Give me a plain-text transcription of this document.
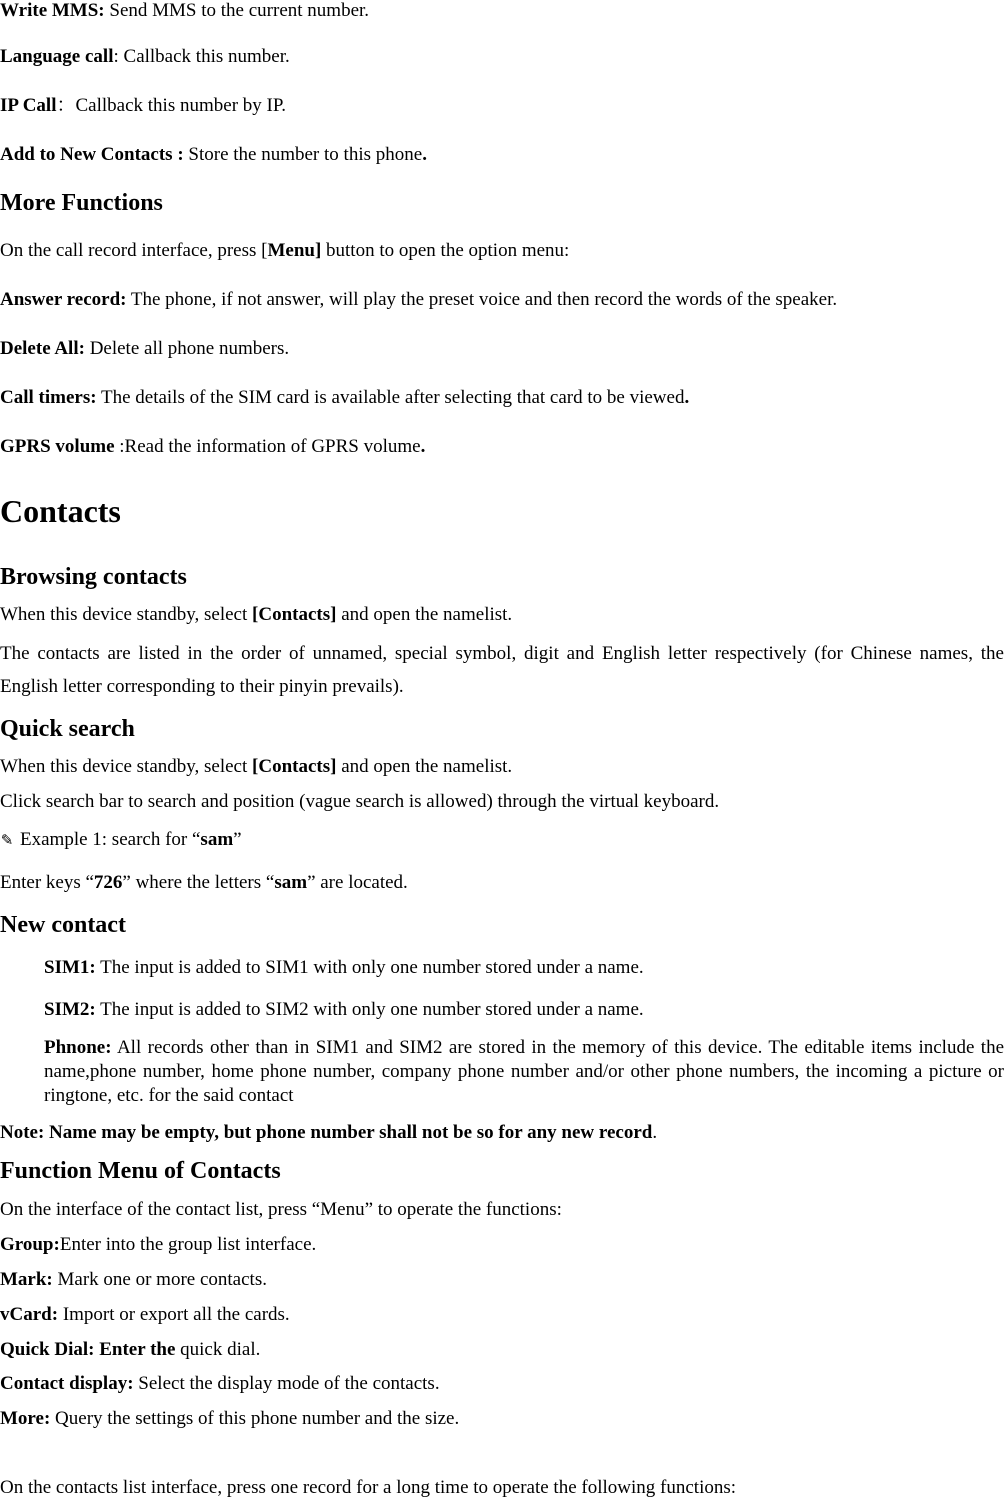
Write MMS: Send MMS to the current number.
Language call: Callback this number.
IP Call：Callback this number by IP.
Add to New Contacts : Store the number to this phone.
More Functions
On the call record interface, press [Menu] button to open the option menu:
Answer record: The phone, if not answer, will play the preset voice and then record the words of the speaker.
Delete All: Delete all phone numbers.
Call timers: The details of the SIM card is available after selecting that card to be viewed.
GPRS volume :Read the information of GPRS volume.
Contacts
Browsing contacts
When this device standby, select [Contacts] and open the namelist.
The contacts are listed in the order of unnamed, special symbol, digit and English letter respectively (for Chinese names, the English letter corresponding to their pinyin prevails).
Quick search
When this device standby, select [Contacts] and open the namelist.
Click search bar to search and position (vague search is allowed) through the virtual keyboard.
✎ Example 1: search for “sam”
Enter keys “726” where the letters “sam” are located.
New contact
SIM1: The input is added to SIM1 with only one number stored under a name.
SIM2: The input is added to SIM2 with only one number stored under a name.
Phnone: All records other than in SIM1 and SIM2 are stored in the memory of this device. The editable items include the name,phone number, home phone number, company phone number and/or other phone numbers, the incoming a picture or ringtone, etc. for the said contact
Note: Name may be empty, but phone number shall not be so for any new record.
Function Menu of Contacts
On the interface of the contact list, press “Menu” to operate the functions:
Group:Enter into the group list interface.
Mark: Mark one or more contacts.
vCard: Import or export all the cards.
Quick Dial: Enter the quick dial.
Contact display: Select the display mode of the contacts.
More: Query the settings of this phone number and the size.
On the contacts list interface, press one record for a long time to operate the following functions:
